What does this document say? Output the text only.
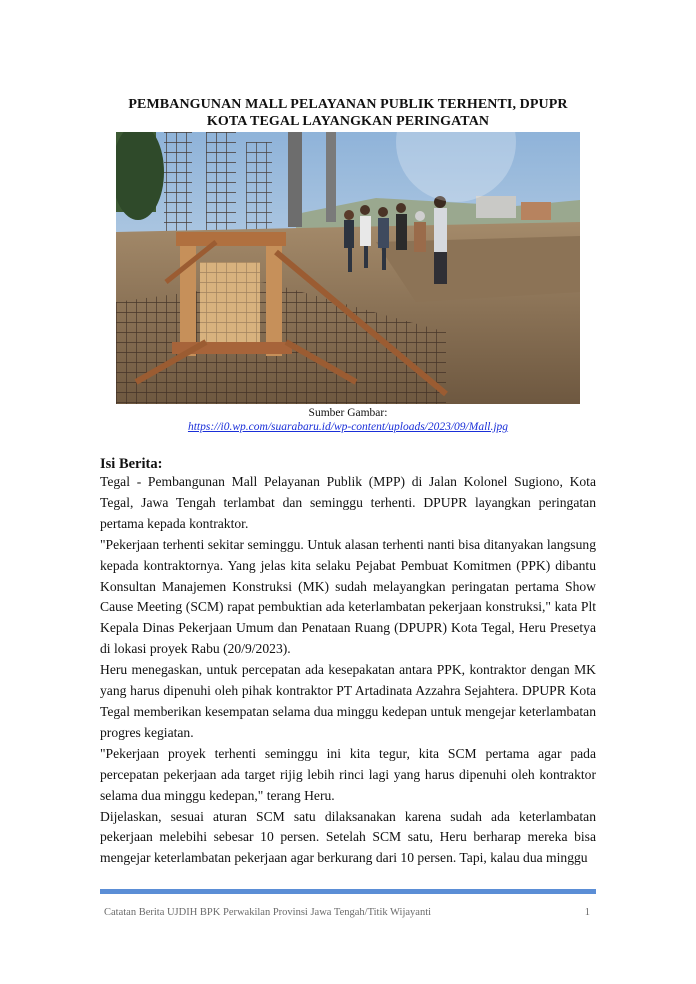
PEMBANGUNAN MALL PELAYANAN PUBLIK TERHENTI, DPUPR
KOTA TEGAL LAYANGKAN PERINGATAN
Sumber Gambar:
https://i0.wp.com/suarabaru.id/wp-content/uploads/2023/09/Mall.jpg
Isi Berita:

Tegal - Pembangunan Mall Pelayanan Publik (MPP) di Jalan Kolonel Sugiono, Kota Tegal, Jawa Tengah terlambat dan seminggu terhenti. DPUPR layangkan peringatan pertama kepada kontraktor.

"Pekerjaan terhenti sekitar seminggu. Untuk alasan terhenti nanti bisa ditanyakan langsung kepada kontraktornya. Yang jelas kita selaku Pejabat Pembuat Komitmen (PPK) dibantu Konsultan Manajemen Konstruksi (MK) sudah melayangkan peringatan pertama Show Cause Meeting (SCM) rapat pembuktian ada keterlambatan pekerjaan konstruksi," kata Plt Kepala Dinas Pekerjaan Umum dan Penataan Ruang (DPUPR) Kota Tegal, Heru Presetya di lokasi proyek Rabu (20/9/2023).

Heru menegaskan, untuk percepatan ada kesepakatan antara PPK, kontraktor dengan MK yang harus dipenuhi oleh pihak kontraktor PT Artadinata Azzahra Sejahtera. DPUPR Kota Tegal memberikan kesempatan selama dua minggu kedepan untuk mengejar keterlambatan progres kegiatan.

"Pekerjaan proyek terhenti seminggu ini kita tegur, kita SCM pertama agar pada percepatan pekerjaan ada target rijig lebih rinci lagi yang harus dipenuhi oleh kontraktor selama dua minggu kedepan," terang Heru.

Dijelaskan, sesuai aturan SCM satu dilaksanakan karena sudah ada keterlambatan pekerjaan melebihi sebesar 10 persen. Setelah SCM satu, Heru berharap mereka bisa mengejar keterlambatan pekerjaan agar berkurang dari 10 persen. Tapi, kalau dua minggu

Catatan Berita UJDIH BPK Perwakilan Provinsi Jawa Tengah/Titik Wijayanti	1
